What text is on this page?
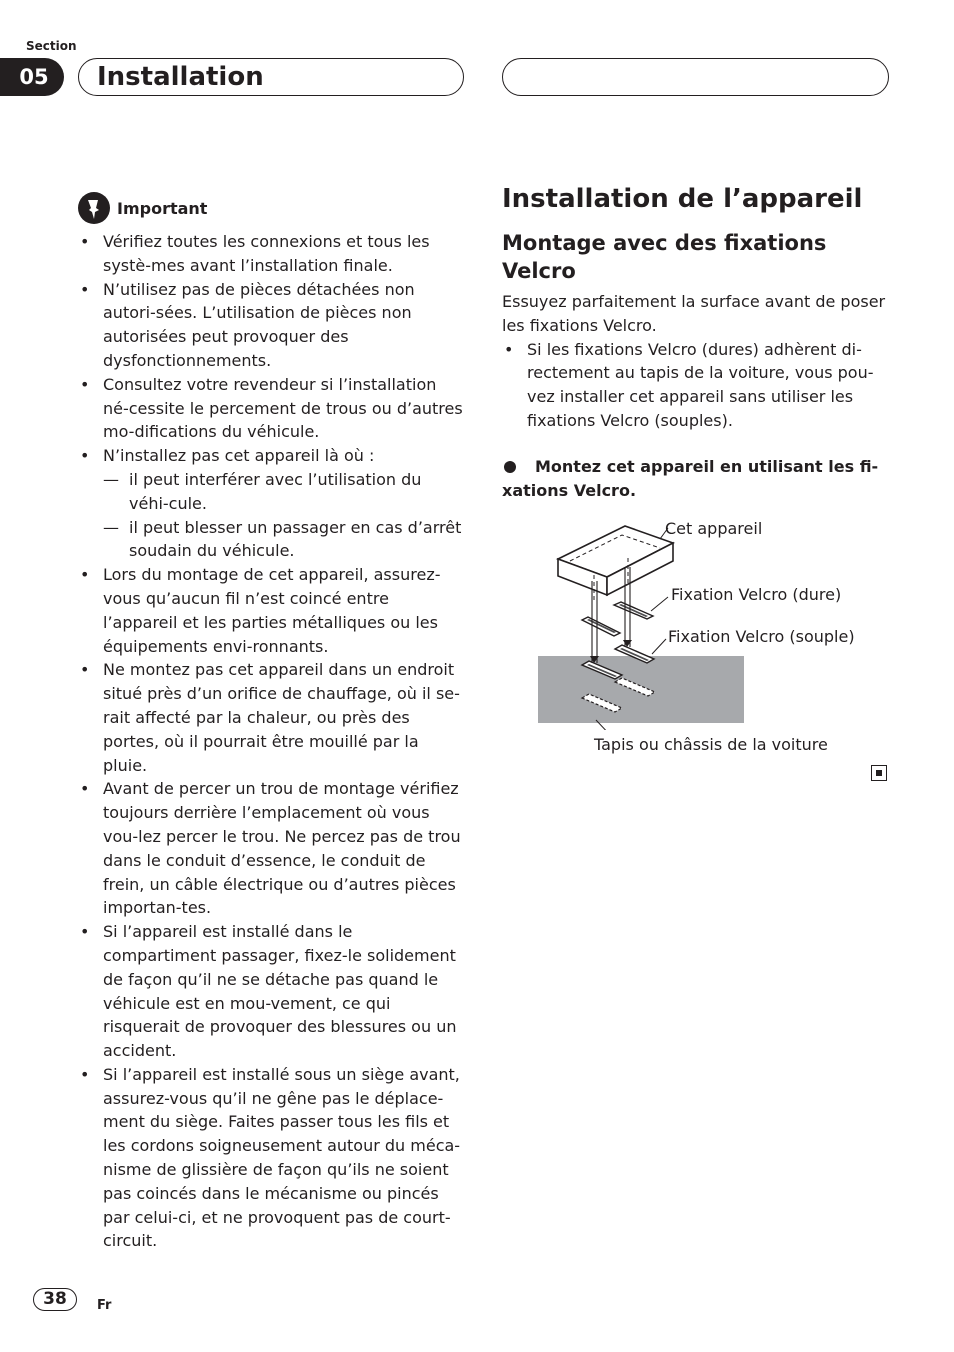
Section
05	Installation
Important
• Vérifiez toutes les connexions et tous les systè-mes avant l’installation finale.
• N’utilisez pas de pièces détachées non autori-sées. L’utilisation de pièces non autorisées peut provoquer des dysfonctionnements.
• Consultez votre revendeur si l’installation né-cessite le percement de trous ou d’autres mo-difications du véhicule.
• N’installez pas cet appareil là où :
— il peut interférer avec l’utilisation du véhi-cule.
— il peut blesser un passager en cas d’arrêt soudain du véhicule.
• Lors du montage de cet appareil, assurez-vous qu’aucun fil n’est coincé entre l’appareil et les parties métalliques ou les équipements envi-ronnants.
• Ne montez pas cet appareil dans un endroit situé près d’un orifice de chauffage, où il se-rait affecté par la chaleur, ou près des portes, où il pourrait être mouillé par la pluie.
• Avant de percer un trou de montage vérifiez toujours derrière l’emplacement où vous vou-lez percer le trou. Ne percez pas de trou dans le conduit d’essence, le conduit de frein, un câble électrique ou d’autres pièces importan-tes.
• Si l’appareil est installé dans le compartiment passager, fixez-le solidement de façon qu’il ne se détache pas quand le véhicule est en mou-vement, ce qui risquerait de provoquer des blessures ou un accident.
• Si l’appareil est installé sous un siège avant, assurez-vous qu’il ne gêne pas le déplace-ment du siège. Faites passer tous les fils et les cordons soigneusement autour du méca-nisme de glissière de façon qu’ils ne soient pas coincés dans le mécanisme ou pincés par celui-ci, et ne provoquent pas de court-circuit.
Installation de l’appareil
Montage avec des fixations Velcro
Essuyez parfaitement la surface avant de poser les fixations Velcro.
• Si les fixations Velcro (dures) adhèrent di-rectement au tapis de la voiture, vous pou-vez installer cet appareil sans utiliser les fixations Velcro (souples).
Montez cet appareil en utilisant les fi-xations Velcro.
Cet appareil
Fixation Velcro (dure)
Fixation Velcro (souple)
Tapis ou châssis de la voiture
38	Fr
